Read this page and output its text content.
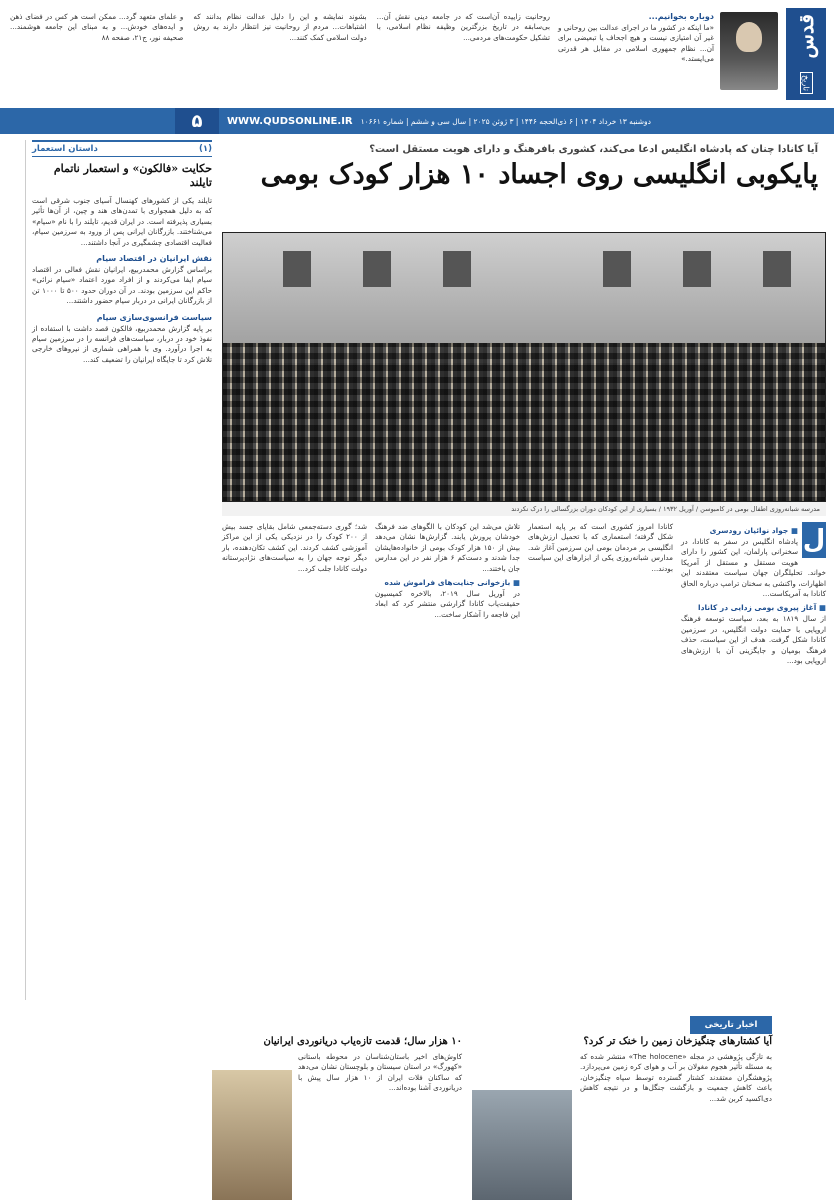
قدس
تاریخ
دوباره بخوانیم...
«ما اینکه در کشور ما در اجرای عدالت بین روحانی و غیر آن امتیازی نیست و هیچ اجحاف یا تبعیضی برای آن... نظام جمهوری اسلامی در مقابل هر قدرتی می‌ایستد.»
روحانیت زاییده آن‌است که در جامعه دینی نقش آن... بی‌سابقه در تاریخ بزرگترین وظیفه نظام اسلامی، با تشکیل حکومت‌های مردمی...
بشوند نمایشه و این را دلیل عدالت نظام بدانند که اشتباهات... مردم از روحانیت نیز انتظار دارند به روش دولت اسلامی کمک کنند...
و علمای متعهد گرد... ممکن است هر کس در فضای ذهن و ایده‌های خودش... و به مبنای این جامعه هوشمند... صحیفه نور، ج۲۱، صفحه ۸۸
دوشنبه ۱۳ خرداد ۱۴۰۴ | ۶ ذی‌الحجه ۱۴۴۶ | ۳ ژوئن ۲۰۲۵ | سال سی و ششم | شماره ۱۰۶۶۱
WWW.QUDSONLINE.IR
۵
(۱)
داستان استعمار
حکایت «فالکون» و استعمار ناتمام تایلند
تایلند یکی از کشورهای کهنسال آسیای جنوب شرقی است که به دلیل همجواری با تمدن‌های هند و چین، از آن‌ها تأثیر بسیاری پذیرفته است. در ایران قدیم، تایلند را با نام «سیام» می‌شناختند. بازرگانان ایرانی پس از ورود به سرزمین سیام، فعالیت اقتصادی چشمگیری در آنجا داشتند...
نقش ایرانیان در اقتصاد سیام
براساس گزارش محمدربیع، ایرانیان نقش فعالی در اقتصاد سیام ایفا می‌کردند و از افراد مورد اعتماد «سیام نرائی» حاکم این سرزمین بودند. در آن دوران حدود ۵۰۰ تا ۱۰۰۰ تن از بازرگانان ایرانی در دربار سیام حضور داشتند...
سیاست فرانسوی‌سازی سیام
بر پایه گزارش محمدربیع، فالکون قصد داشت با استفاده از نفوذ خود در دربار، سیاست‌های فرانسه را در سرزمین سیام به اجرا درآورد. وی با همراهی شماری از نیروهای خارجی تلاش کرد تا جایگاه ایرانیان را تضعیف کند...
آیا کانادا چنان که پادشاه انگلیس ادعا می‌کند، کشوری بافرهنگ و دارای هویت مستقل است؟
پایکوبی انگلیسی روی اجساد ۱۰ هزار کودک بومی
مدرسه شبانه‌روزی اطفال بومی در کامبوسن / آوریل ۱۹۳۲ / بسیاری از این کودکان دوران بزرگسالی را درک نکردند
ل
■ جواد نوائیان رودسری
پادشاه انگلیس در سفر به کانادا، در سخنرانی پارلمان، این کشور را دارای هویت مستقل و مستقل از آمریکا خواند. تحلیلگران جهان سیاست معتقدند این اظهارات، واکنشی به سخنان ترامپ درباره الحاق کانادا به آمریکاست...
■ آغاز پیروی بومی زدایی در کانادا
از سال ۱۸۱۹ به بعد، سیاست توسعه فرهنگ اروپایی با حمایت دولت انگلیس، در سرزمین کانادا شکل گرفت. هدف از این سیاست، حذف فرهنگ بومیان و جایگزینی آن با ارزش‌های اروپایی بود...
کانادا امروز کشوری است که بر پایه استعمار شکل گرفته؛ استعماری که با تحمیل ارزش‌های انگلیسی بر مردمان بومی این سرزمین آغاز شد. مدارس شبانه‌روزی یکی از ابزارهای این سیاست بودند...
تلاش می‌شد این کودکان با الگوهای ضد فرهنگ خودشان پرورش یابند. گزارش‌ها نشان می‌دهد بیش از ۱۵۰ هزار کودک بومی از خانواده‌هایشان جدا شدند و دست‌کم ۶ هزار نفر در این مدارس جان باختند...
■ بازخوانی جنایت‌های فراموش شده
در آوریل سال ۲۰۱۹، بالاخره کمیسیون حقیقت‌یاب کانادا گزارشی منتشر کرد که ابعاد این فاجعه را آشکار ساخت...
شد؛ گوری دسته‌جمعی شامل بقایای جسد بیش از ۲۰۰ کودک را در نزدیکی یکی از این مراکز آموزشی کشف کردند. این کشف تکان‌دهنده، بار دیگر توجه جهان را به سیاست‌های نژادپرستانه دولت کانادا جلب کرد...
اخبار تاریخی
آیا کشتارهای چنگیزخان زمین را خنک تر کرد؟
به تازگی پژوهشی در مجله «The holocene» منتشر شده که به مسئله تأثیر هجوم مغولان بر آب و هوای کره زمین می‌پردازد. پژوهشگران معتقدند کشتار گسترده توسط سپاه چنگیزخان، باعث کاهش جمعیت و بازگشت جنگل‌ها و در نتیجه کاهش دی‌اکسید کربن شد...
۱۰ هزار سال؛ قدمت تازه‌یاب دریانوردی ایرانیان
کاوش‌های اخیر باستان‌شناسان در محوطه باستانی «کهورگ» در استان سیستان و بلوچستان نشان می‌دهد که ساکنان فلات ایران از ۱۰ هزار سال پیش با دریانوردی آشنا بوده‌اند...
